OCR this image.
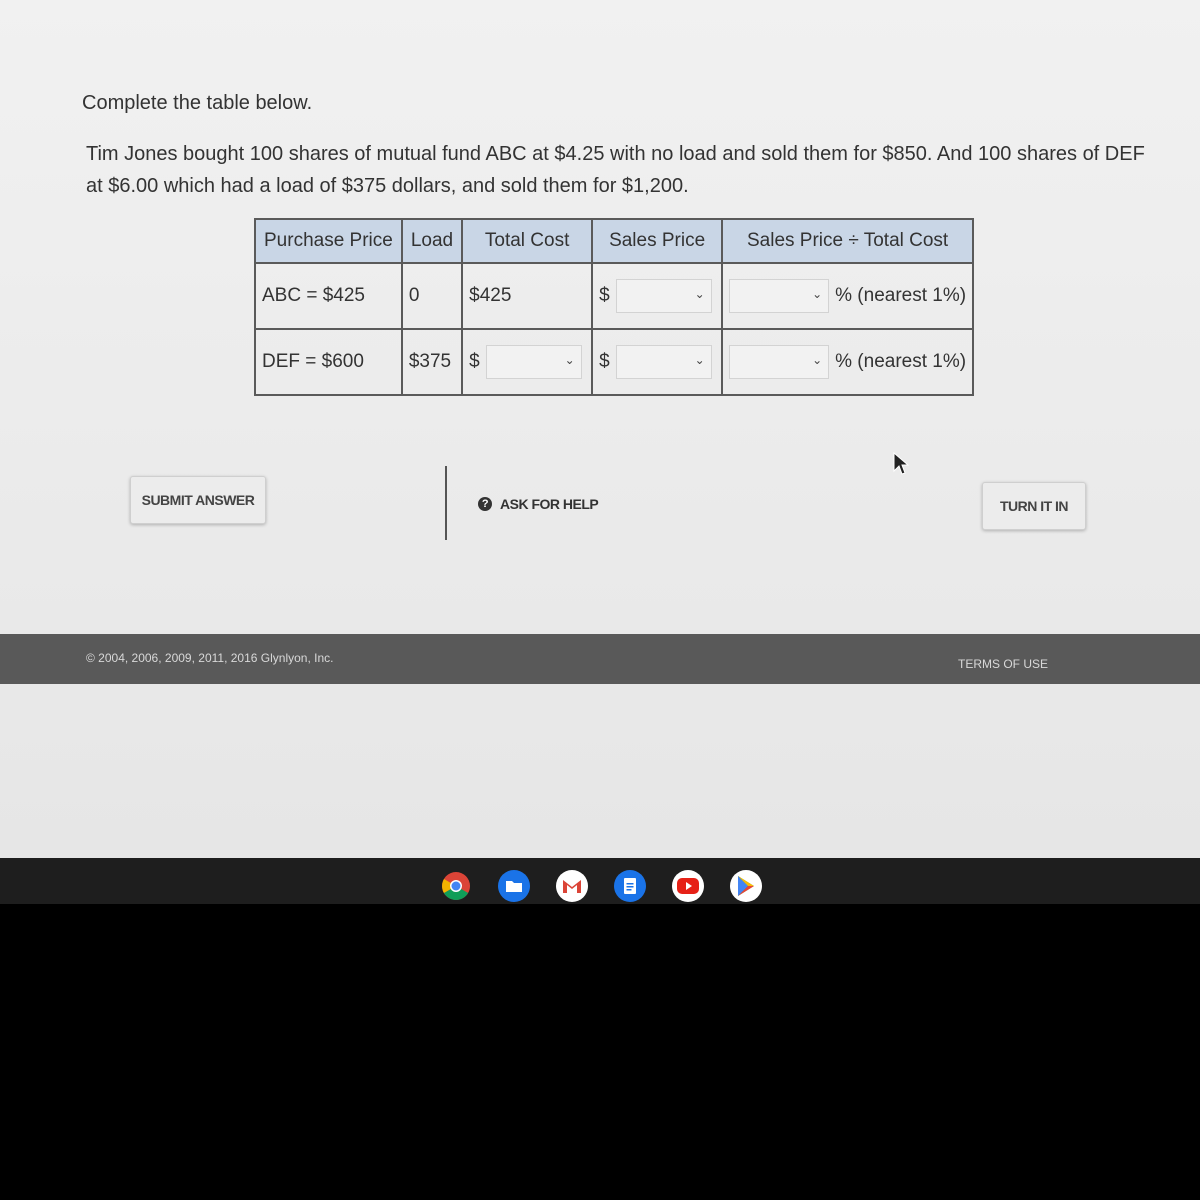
Complete the table below.
Tim Jones bought 100 shares of mutual fund ABC at $4.25 with no load and sold them for $850. And 100 shares of DEF at $6.00 which had a load of $375 dollars, and sold them for $1,200.
Purchase Price	Load	Total Cost	Sales Price	Sales Price ÷ Total Cost
ABC = $425	0	$425	$ ⌄	⌄ % (nearest 1%)

DEF = $600	$375	$ ⌄	$ ⌄	⌄ % (nearest 1%)
SUBMIT ANSWER	? ASK FOR HELP	TURN IT IN
© 2004, 2006, 2009, 2011, 2016 Glynlyon, Inc.	TERMS OF USE
